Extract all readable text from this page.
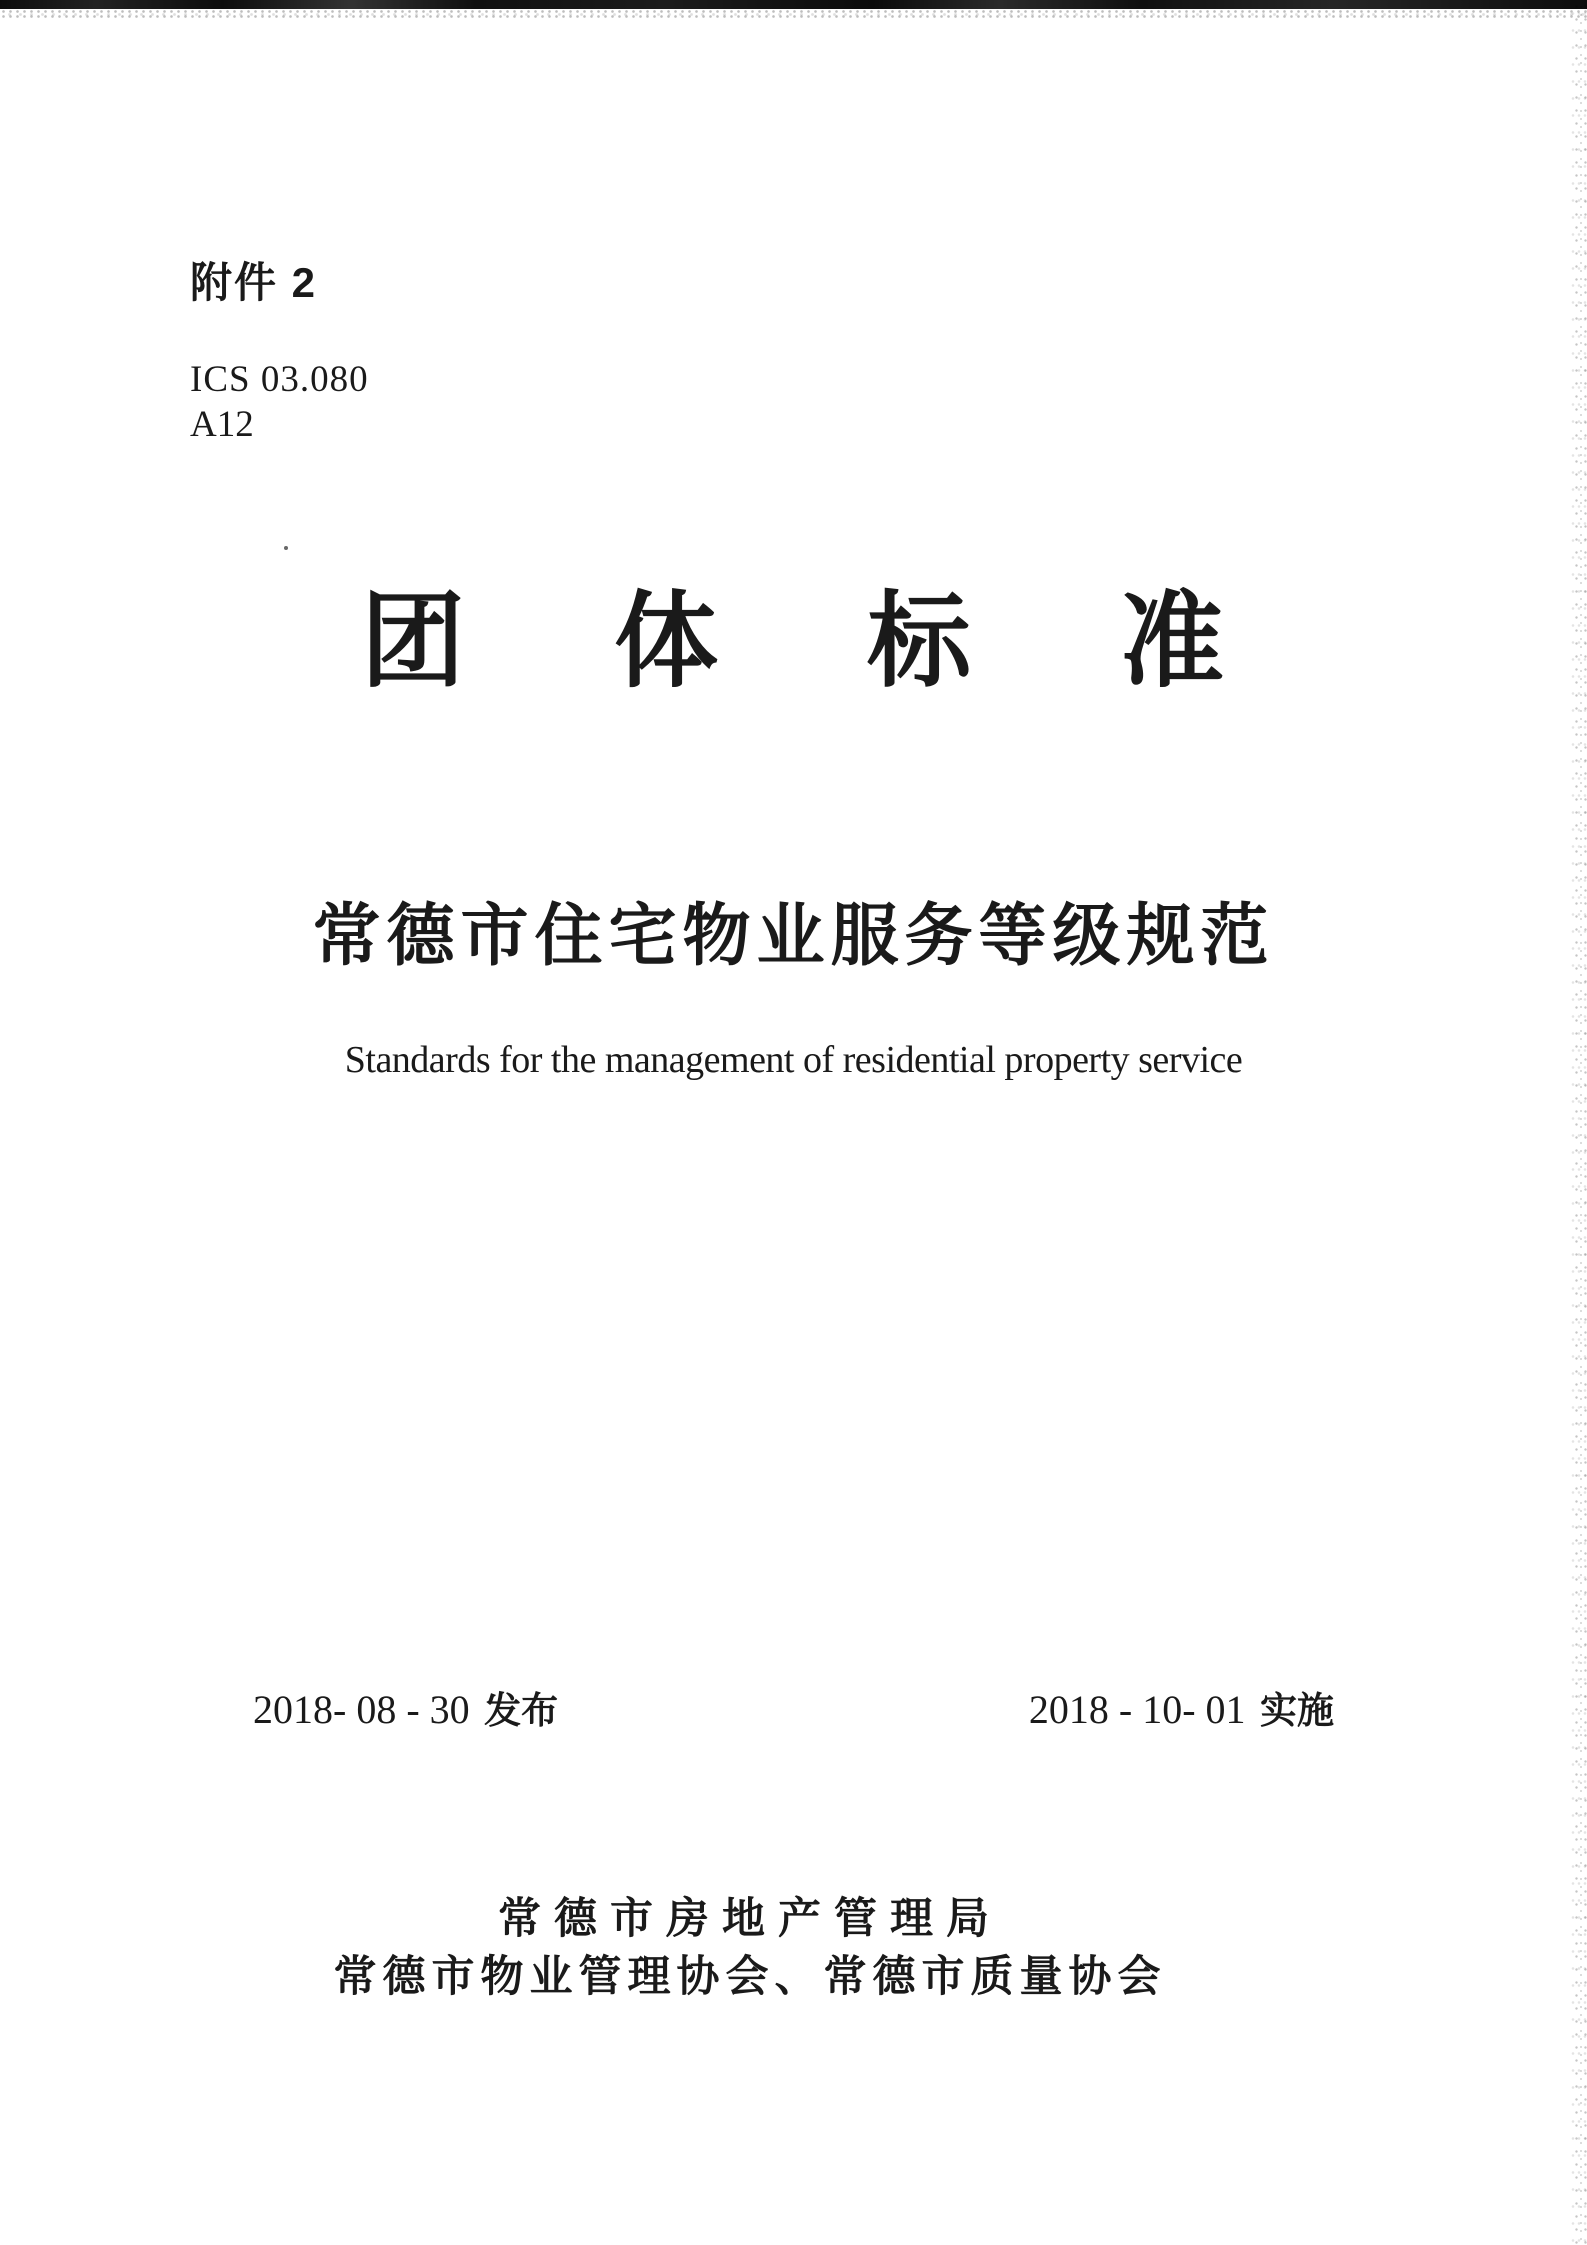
附件 2
ICS 03.080
A12
团 体 标 准
常德市住宅物业服务等级规范
Standards for the management of residential property service
2018- 08 - 30 发布	2018 - 10- 01 实施
常德市房地产管理局
常德市物业管理协会、常德市质量协会
